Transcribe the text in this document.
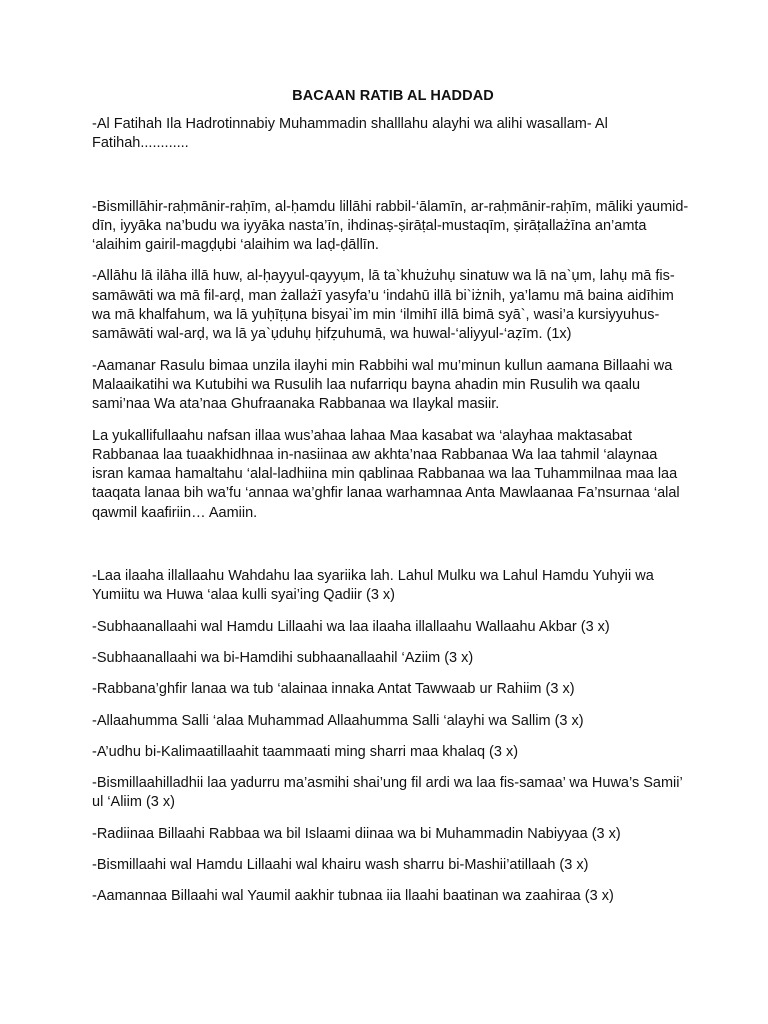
BACAAN RATIB AL HADDAD

-Al Fatihah Ila Hadrotinnabiy Muhammadin shalllahu alayhi wa alihi wasallam- Al Fatihah............

-Bismillāhir-raḥmānir-raḥīm, al-ḥamdu lillāhi rabbil-‘ālamīn, ar-raḥmānir-raḥīm, māliki yaumid-dīn, iyyāka na’budu wa iyyāka nasta’īn, ihdinaṣ-ṣirāṭal-mustaqīm, ṣirāṭallażīna an’amta ‘alaihim gairil-magḍụbi ‘alaihim wa laḍ-ḍāllīn.

-Allāhu lā ilāha illā huw, al-ḥayyul-qayyụm, lā ta`khużuhụ sinatuw wa lā na`ụm, lahụ mā fis-samāwāti wa mā fil-arḍ, man żallażī yasyfa’u ‘indahū illā bi`iżnih, ya’lamu mā baina aidīhim wa mā khalfahum, wa lā yuḥīṭụna bisyai`im min ‘ilmihī illā bimā syā`, wasi’a kursiyyuhus-samāwāti wal-arḍ, wa lā ya`ụduhụ ḥifẓuhumā, wa huwal-‘aliyyul-‘aẓīm. (1x)

-Aamanar Rasulu bimaa unzila ilayhi min Rabbihi wal mu’minun kullun aamana Billaahi wa Malaaikatihi wa Kutubihi wa Rusulih laa nufarriqu bayna ahadin min Rusulih wa qaalu sami’naa Wa ata’naa Ghufraanaka Rabbanaa wa Ilaykal masiir.

La yukallifullaahu nafsan illaa wus’ahaa lahaa Maa kasabat wa ‘alayhaa maktasabat Rabbanaa laa tuaakhidhnaa in-nasiinaa aw akhta’naa Rabbanaa Wa laa tahmil ‘alaynaa isran kamaa hamaltahu ‘alal-ladhiina min qablinaa Rabbanaa wa laa Tuhammilnaa maa laa taaqata lanaa bih wa’fu ‘annaa wa’ghfir lanaa warhamnaa Anta Mawlaanaa Fa’nsurnaa ‘alal qawmil kaafiriin… Aamiin.

-Laa ilaaha illallaahu Wahdahu laa syariika lah. Lahul Mulku wa Lahul Hamdu Yuhyii wa Yumiitu wa Huwa ‘alaa kulli syai’ing Qadiir (3 x)

-Subhaanallaahi wal Hamdu Lillaahi wa laa ilaaha illallaahu Wallaahu Akbar (3 x)

-Subhaanallaahi wa bi-Hamdihi subhaanallaahil ‘Aziim (3 x)

-Rabbana’ghfir lanaa wa tub ‘alainaa innaka Antat Tawwaab ur Rahiim (3 x)

-Allaahumma Salli ‘alaa Muhammad Allaahumma Salli ‘alayhi wa Sallim (3 x)

-A’udhu bi-Kalimaatillaahit taammaati ming sharri maa khalaq (3 x)

-Bismillaahilladhii laa yadurru ma’asmihi shai’ung fil ardi wa laa fis-samaa’ wa Huwa’s Samii’ ul ‘Aliim (3 x)

-Radiinaa Billaahi Rabbaa wa bil Islaami diinaa wa bi Muhammadin Nabiyyaa (3 x)

-Bismillaahi wal Hamdu Lillaahi wal khairu wash sharru bi-Mashii’atillaah (3 x)

-Aamannaa Billaahi wal Yaumil aakhir tubnaa iia llaahi baatinan wa zaahiraa (3 x)
